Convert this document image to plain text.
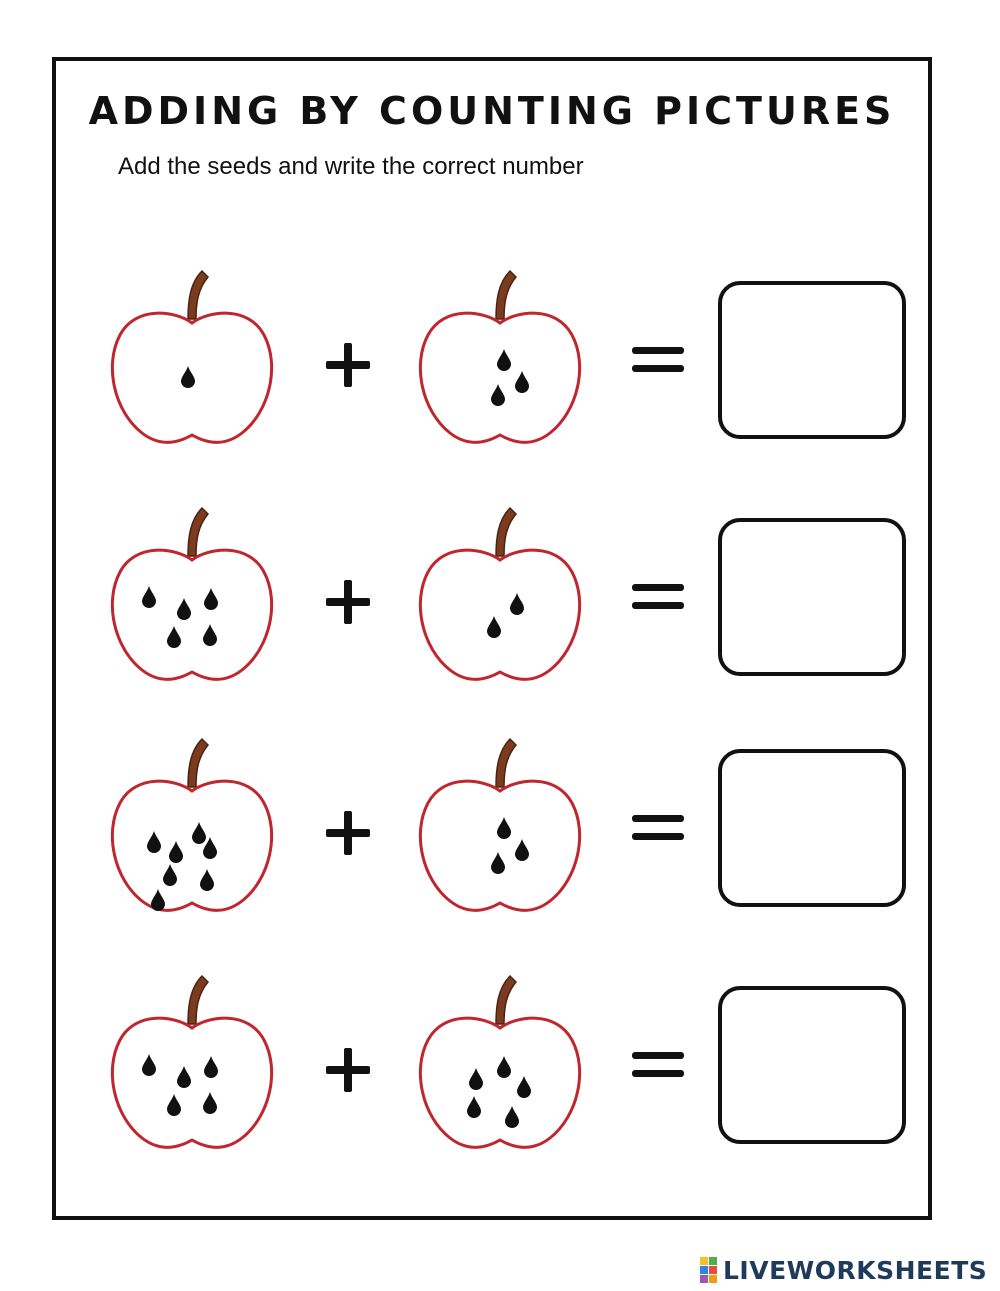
ADDING BY COUNTING PICTURES
Add the seeds and write the correct number
LIVEWORKSHEETS
